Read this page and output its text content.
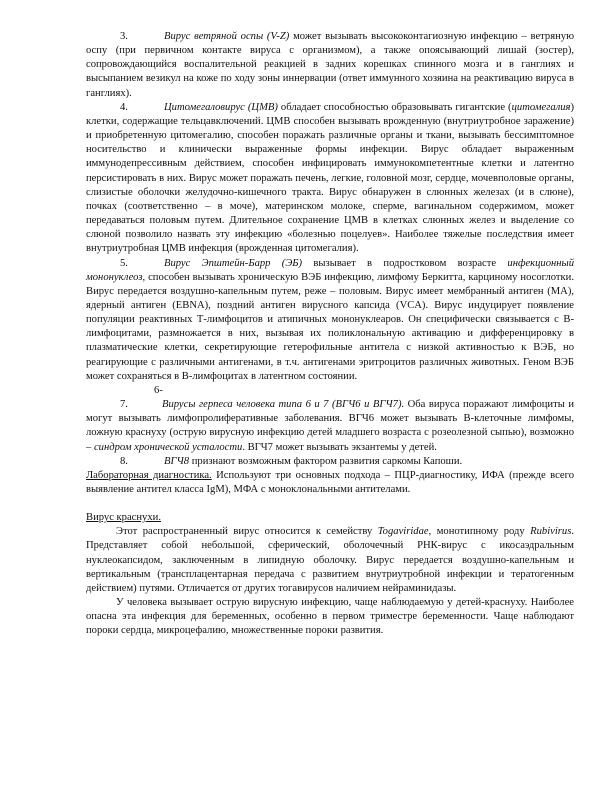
3.	Вирус ветряной оспы (V-Z) может вызывать высококонтагиозную инфекцию – ветряную оспу (при первичном контакте вируса с организмом), а также опоясывающий лишай (зостер), сопровождающийся воспалительной реакцией в задних корешках спинного мозга и в ганглиях и высыпанием везикул на коже по ходу зоны иннервации (ответ иммунного хозяина на реактивацию вируса в ганглиях).

4.	Цитомегаловирус (ЦМВ) обладает способностью образовывать гигантские (цитомегалия) клетки, содержащие тельцавключений. ЦМВ способен вызывать врожденную (внутриутробное заражение) и приобретенную цитомегалию, способен поражать различные органы и ткани, вызывать бессимптомное носительство и клинически выраженные формы инфекции. Вирус обладает выраженным иммунодепрессивным действием, способен инфицировать иммунокомпетентные клетки и латентно персистировать в них. Вирус может поражать печень, легкие, головной мозг, сердце, мочевполовые органы, слизистые оболочки желудочно-кишечного тракта. Вирус обнаружен в слюнных железах (и в слюне), почках (соответственно – в моче), материнском молоке, сперме, вагинальном содержимом, может передаваться половым путем. Длительное сохранение ЦМВ в клетках слюнных желез и выделение со слюной позволило назвать эту инфекцию «болезнью поцелуев». Наиболее тяжелые последствия имеет внутриутробная ЦМВ инфекция (врожденная цитомегалия).

5.	Вирус Эпштейн-Барр (ЭБ) вызывает в подростковом возрасте инфекционный мононуклеоз, способен вызывать хроническую ВЭБ инфекцию, лимфому Беркитта, карциному носоглотки. Вирус передается воздушно-капельным путем, реже – половым. Вирус имеет мембранный антиген (МА), ядерный антиген (EBNA), поздний антиген вирусного капсида (VCA). Вирус индуцирует появление популяции реактивных Т-лимфоцитов и атипичных мононуклеаров. Он специфически связывается с В-лимфоцитами, размножается в них, вызывая их поликлональную активацию и дифференцировку в плазматические клетки, секретирующие гетерофильные антитела с низкой активностью к ВЭБ, но реагирующие с различными антигенами, в т.ч. антигенами эритроцитов различных животных. Геном ВЭБ может сохраняться в В-лимфоцитах в латентном состоянии.

6-7.	Вирусы герпеса человека типа 6 и 7 (ВГЧ6 и ВГЧ7). Оба вируса поражают лимфоциты и могут вызывать лимфопролиферативные заболевания. ВГЧ6 может вызывать В-клеточные лимфомы, ложную краснуху (острую вирусную инфекцию детей младшего возраста с розеолезной сыпью), возможно – синдром хронической усталости. ВГЧ7 может вызывать экзантемы у детей.

8.	ВГЧ8 признают возможным фактором развития саркомы Капоши.

Лабораторная диагностика. Используют три основных подхода – ПЦР-диагностику, ИФА (прежде всего выявление антител класса IgM), МФА с моноклональными антителами.

Вирус краснухи.

Этот распространенный вирус относится к семейству Togaviridae, монотипному роду Rubivirus. Представляет собой небольшой, сферический, оболочечный РНК-вирус с икосаэдральным нуклеокапсидом, заключенным в липидную оболочку. Вирус передается воздушно-капельным и вертикальным (трансплацентарная передача с развитием внутриутробной инфекции и тератогенным действием) путями. Отличается от других тогавирусов наличием нейраминидазы.

У человека вызывает острую вирусную инфекцию, чаще наблюдаемую у детей-краснуху. Наиболее опасна эта инфекция для беременных, особенно в первом триместре беременности. Чаще наблюдают пороки сердца, микроцефалию, множественные пороки развития.
